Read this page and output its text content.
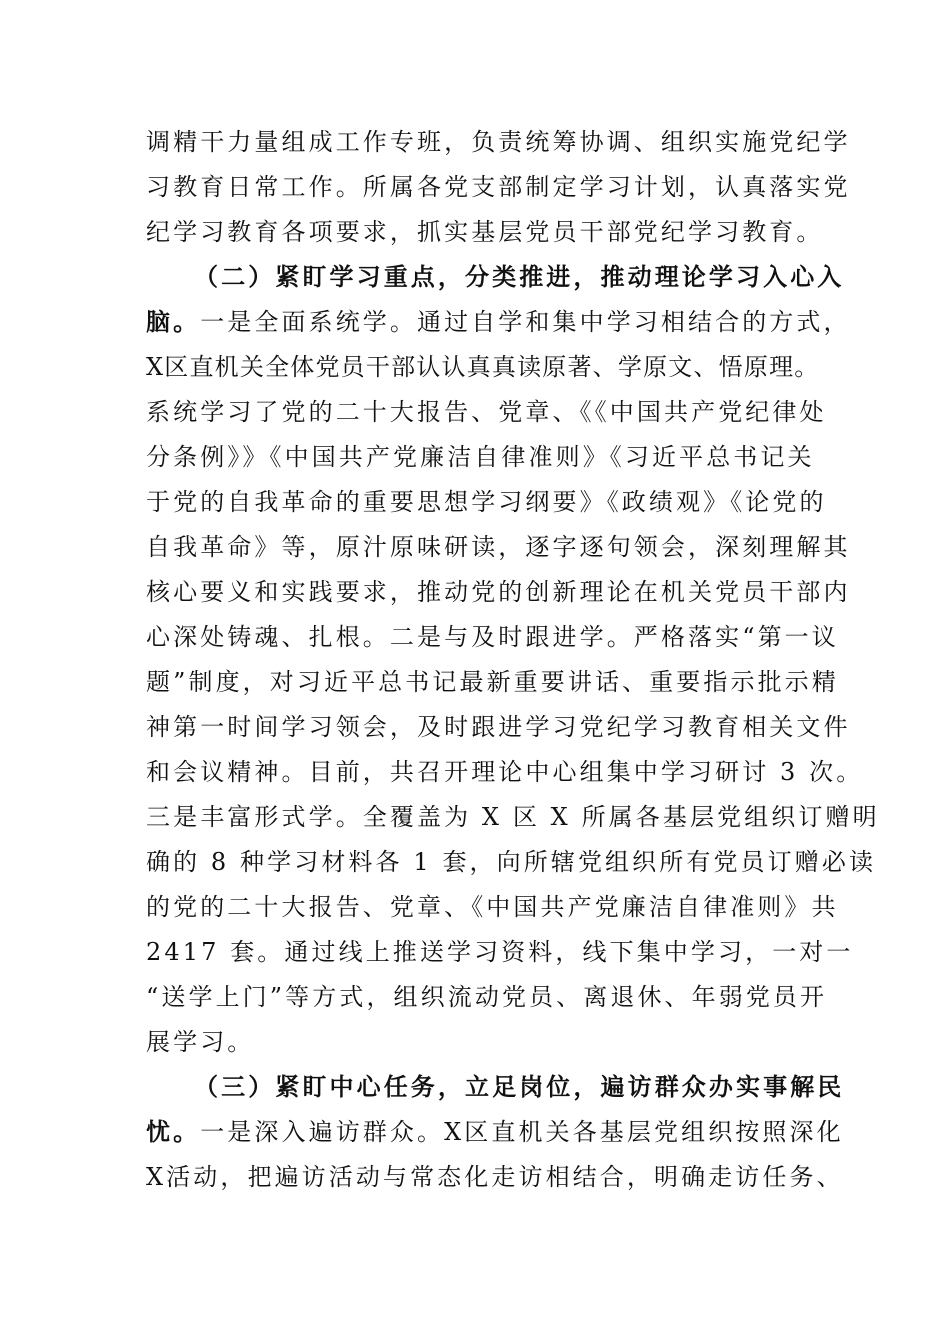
调精干力量组成工作专班，负责统筹协调、组织实施党纪学
习教育日常工作。所属各党支部制定学习计划，认真落实党
纪学习教育各项要求，抓实基层党员干部党纪学习教育。
（二）紧盯学习重点，分类推进，推动理论学习入心入
脑。一是全面系统学。通过自学和集中学习相结合的方式，
X区直机关全体党员干部认认真真读原著、学原文、悟原理。
系统学习了党的二十大报告、党章、《《中国共产党纪律处
分条例》》《中国共产党廉洁自律准则》《习近平总书记关
于党的自我革命的重要思想学习纲要》《政绩观》《论党的
自我革命》等，原汁原味研读，逐字逐句领会，深刻理解其
核心要义和实践要求，推动党的创新理论在机关党员干部内
心深处铸魂、扎根。二是与及时跟进学。严格落实“第一议
题”制度，对习近平总书记最新重要讲话、重要指示批示精
神第一时间学习领会，及时跟进学习党纪学习教育相关文件
和会议精神。目前，共召开理论中心组集中学习研讨 3 次。
三是丰富形式学。全覆盖为 X 区 X 所属各基层党组织订赠明
确的 8 种学习材料各 1 套，向所辖党组织所有党员订赠必读
的党的二十大报告、党章、《中国共产党廉洁自律准则》共
2417 套。通过线上推送学习资料，线下集中学习，一对一
“送学上门”等方式，组织流动党员、离退休、年弱党员开
展学习。
（三）紧盯中心任务，立足岗位，遍访群众办实事解民
忧。一是深入遍访群众。X区直机关各基层党组织按照深化
X活动，把遍访活动与常态化走访相结合，明确走访任务、
